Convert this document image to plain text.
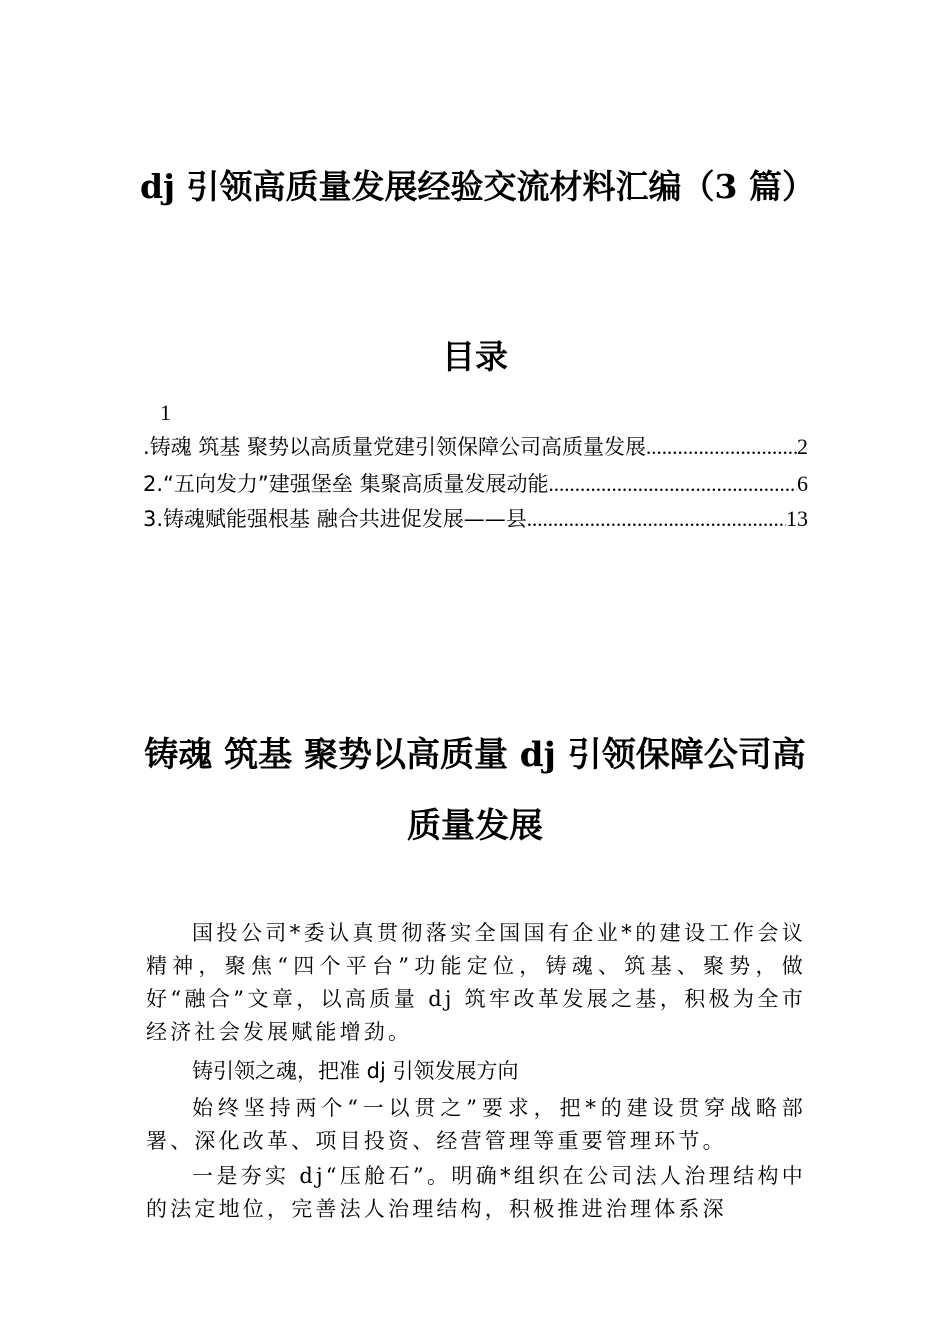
dj 引领高质量发展经验交流材料汇编（3 篇）
目录
1
.铸魂 筑基 聚势以高质量党建引领保障公司高质量发展 .....	2
2.“五向发力”建强堡垒 集聚高质量发展动能 .....	6
3.铸魂赋能强根基 融合共进促发展——县 .....	13
铸魂 筑基 聚势以高质量 dj 引领保障公司高质量发展

国投公司*委认真贯彻落实全国国有企业*的建设工作会议精神，聚焦“四个平台”功能定位，铸魂、筑基、聚势，做好“融合”文章，以高质量 dj 筑牢改革发展之基，积极为全市经济社会发展赋能增劲。

铸引领之魂，把准 dj 引领发展方向

始终坚持两个“一以贯之”要求，把*的建设贯穿战略部署、深化改革、项目投资、经营管理等重要管理环节。

一是夯实 dj“压舱石”。明确*组织在公司法人治理结构中的法定地位，完善法人治理结构，积极推进治理体系深
